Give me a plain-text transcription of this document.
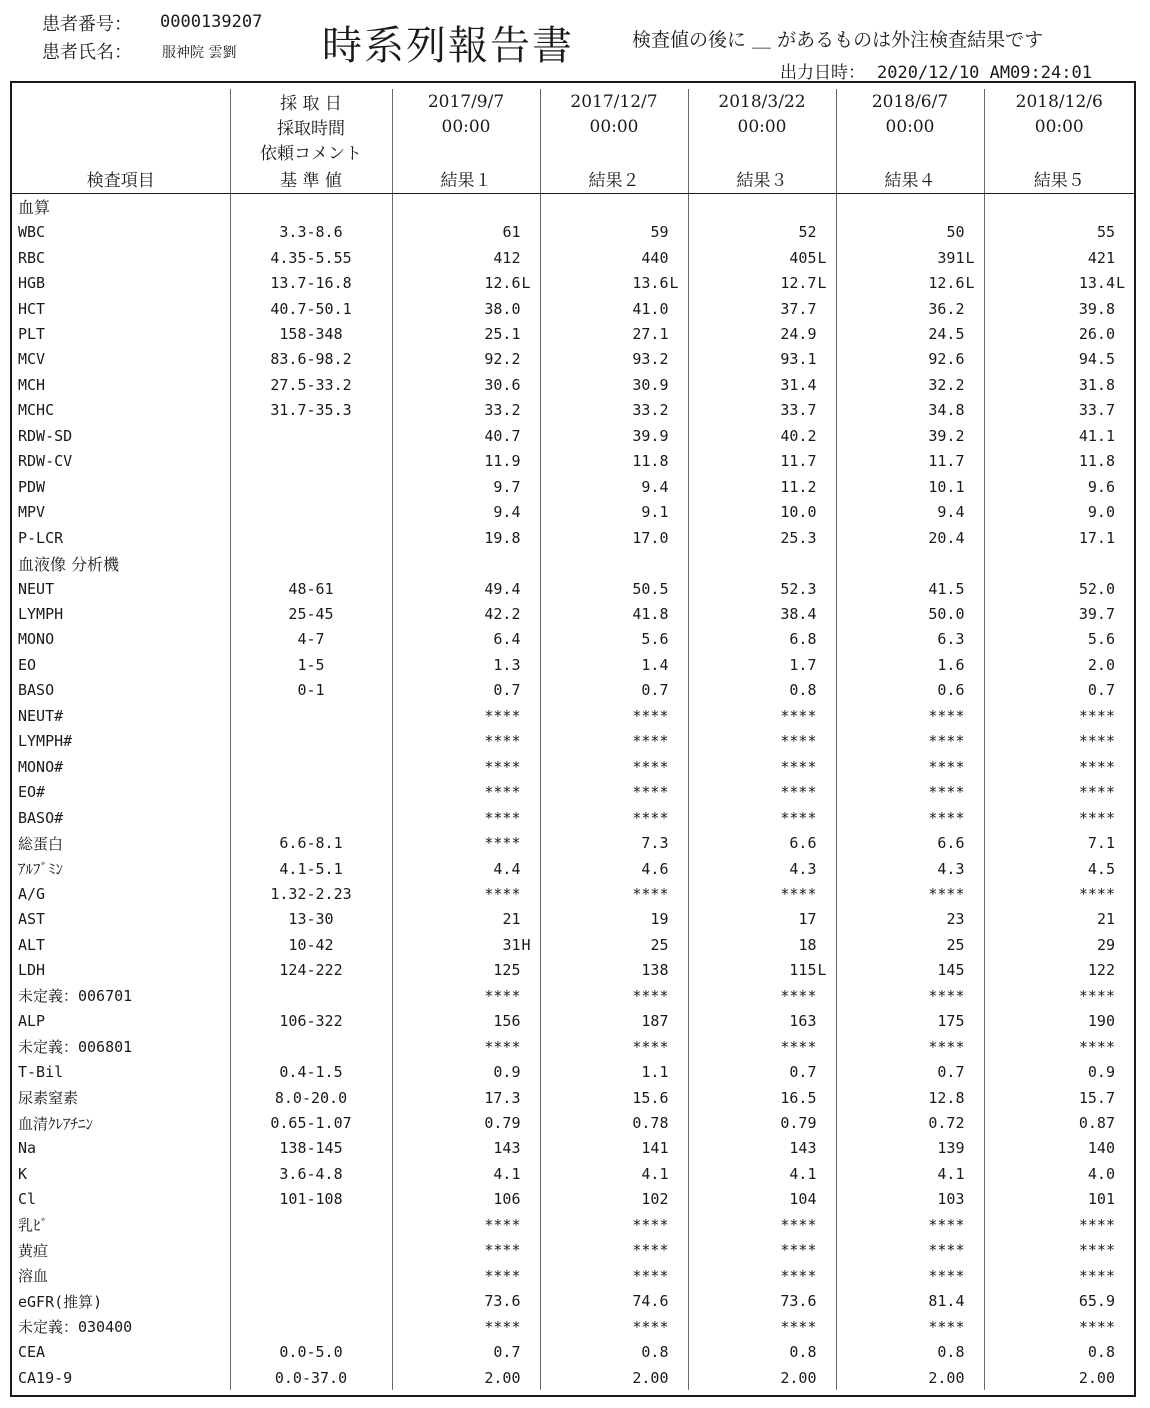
患者番号： 0000139207
患者氏名： 服神院 雲劉 時系列報告書	検査値の後に ＿ があるものは外注検査結果です
出力日時： 2020/12/10 AM09:24:01
	採 取 日	2017/9/7	2017/12/7	2018/3/22	2018/6/7	2018/12/6
	採取時間	00:00	00:00	00:00	00:00	00:00
	依頼コメント					
検査項目	基 準 値	結果１	結果２	結果３	結果４	結果５
血算						
WBC	3.3-8.6	61	59	52	50	55
RBC	4.35-5.55	412	440	405L	391L	421
HGB	13.7-16.8	12.6L	13.6L	12.7L	12.6L	13.4L
HCT	40.7-50.1	38.0	41.0	37.7	36.2	39.8
PLT	158-348	25.1	27.1	24.9	24.5	26.0
MCV	83.6-98.2	92.2	93.2	93.1	92.6	94.5
MCH	27.5-33.2	30.6	30.9	31.4	32.2	31.8
MCHC	31.7-35.3	33.2	33.2	33.7	34.8	33.7
RDW-SD		40.7	39.9	40.2	39.2	41.1
RDW-CV		11.9	11.8	11.7	11.7	11.8
PDW		9.7	9.4	11.2	10.1	9.6
MPV		9.4	9.1	10.0	9.4	9.0
P-LCR		19.8	17.0	25.3	20.4	17.1
血液像 分析機						
NEUT	48-61	49.4	50.5	52.3	41.5	52.0
LYMPH	25-45	42.2	41.8	38.4	50.0	39.7
MONO	4-7	6.4	5.6	6.8	6.3	5.6
EO	1-5	1.3	1.4	1.7	1.6	2.0
BASO	0-1	0.7	0.7	0.8	0.6	0.7
NEUT#		****	****	****	****	****
LYMPH#		****	****	****	****	****
MONO#		****	****	****	****	****
EO#		****	****	****	****	****
BASO#		****	****	****	****	****
総蛋白	6.6-8.1	****	7.3	6.6	6.6	7.1
ｱﾙﾌﾞﾐﾝ	4.1-5.1	4.4	4.6	4.3	4.3	4.5
A/G	1.32-2.23	****	****	****	****	****
AST	13-30	21	19	17	23	21
ALT	10-42	31H	25	18	25	29
LDH	124-222	125	138	115L	145	122
未定義：006701		****	****	****	****	****
ALP	106-322	156	187	163	175	190
未定義：006801		****	****	****	****	****
T-Bil	0.4-1.5	0.9	1.1	0.7	0.7	0.9
尿素窒素	8.0-20.0	17.3	15.6	16.5	12.8	15.7
血清ｸﾚｱﾁﾆﾝ	0.65-1.07	0.79	0.78	0.79	0.72	0.87
Na	138-145	143	141	143	139	140
K	3.6-4.8	4.1	4.1	4.1	4.1	4.0
Cl	101-108	106	102	104	103	101
乳ﾋﾞ		****	****	****	****	****
黄疸		****	****	****	****	****
溶血		****	****	****	****	****
eGFR(推算)		73.6	74.6	73.6	81.4	65.9
未定義：030400		****	****	****	****	****
CEA	0.0-5.0	0.7	0.8	0.8	0.8	0.8
CA19-9	0.0-37.0	2.00	2.00	2.00	2.00	2.00
